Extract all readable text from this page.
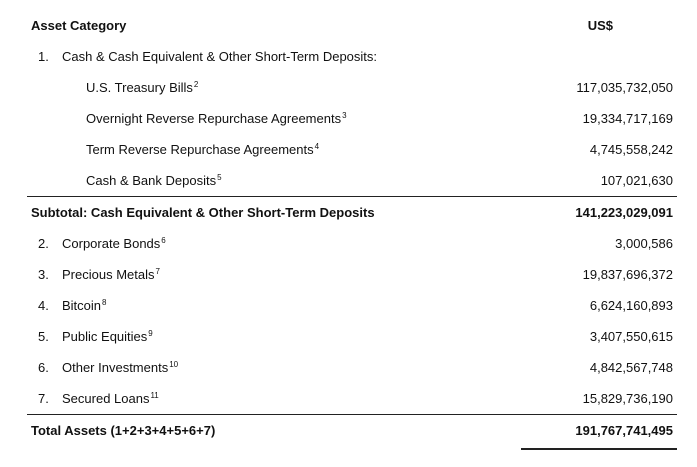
Asset Category	US$
1. Cash & Cash Equivalent & Other Short-Term Deposits:
U.S. Treasury Bills$^2$	117,035,732,050
Overnight Reverse Repurchase Agreements$^3$	19,334,717,169
Term Reverse Repurchase Agreements$^4$	4,745,558,242
Cash & Bank Deposits$^5$	107,021,630
Subtotal: Cash Equivalent & Other Short-Term Deposits	141,223,029,091
2. Corporate Bonds$^6$	3,000,586
3. Precious Metals$^7$	19,837,696,372
4. Bitcoin$^8$	6,624,160,893
5. Public Equities$^9$	3,407,550,615
6. Other Investments$^{10}$	4,842,567,748
7. Secured Loans$^{11}$	15,829,736,190
Total Assets (1+2+3+4+5+6+7)	191,767,741,495
